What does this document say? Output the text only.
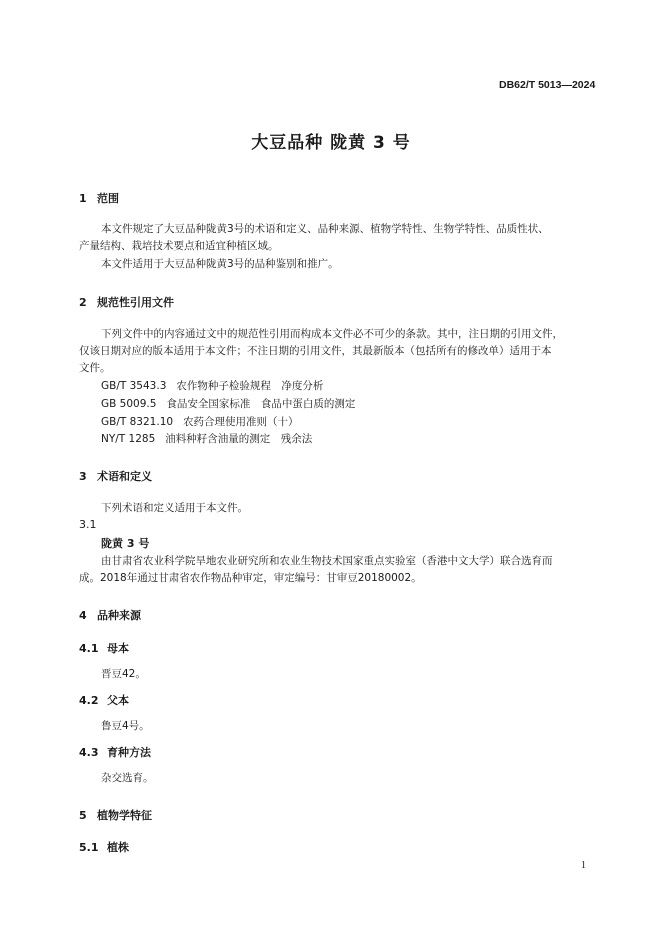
DB62/T 5013—2024
大豆品种 陇黄 3 号
1 范围
本文件规定了大豆品种陇黄3号的术语和定义、品种来源、植物学特性、生物学特性、品质性状、
产量结构、栽培技术要点和适宜种植区域。
本文件适用于大豆品种陇黄3号的品种鉴别和推广。
2 规范性引用文件
下列文件中的内容通过文中的规范性引用而构成本文件必不可少的条款。其中，注日期的引用文件，
仅该日期对应的版本适用于本文件；不注日期的引用文件，其最新版本（包括所有的修改单）适用于本
文件。
GB/T 3543.3 农作物种子检验规程　净度分析
GB 5009.5 食品安全国家标准　食品中蛋白质的测定
GB/T 8321.10 农药合理使用准则（十）
NY/T 1285 油料种籽含油量的测定　残余法
3 术语和定义
下列术语和定义适用于本文件。
3.1
陇黄 3 号
由甘肃省农业科学院旱地农业研究所和农业生物技术国家重点实验室（香港中文大学）联合选育而
成。2018年通过甘肃省农作物品种审定，审定编号：甘审豆20180002。
4 品种来源
4.1 母本
晋豆42。
4.2 父本
鲁豆4号。
4.3 育种方法
杂交选育。
5 植物学特征
5.1 植株
1
